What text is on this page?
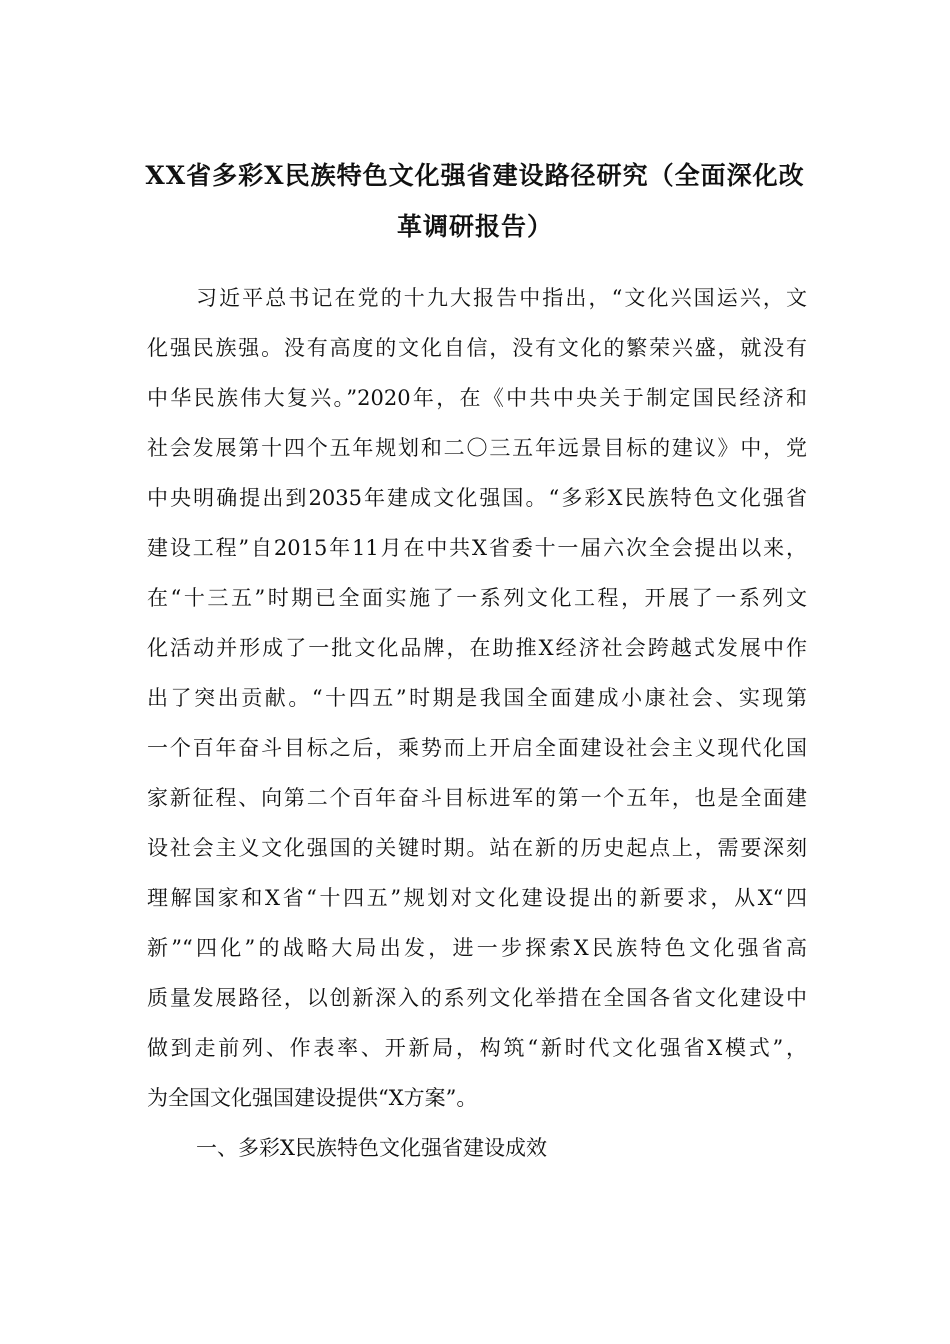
XX省多彩X民族特色文化强省建设路径研究（全面深化改
革调研报告）
习近平总书记在党的十九大报告中指出，“文化兴国运兴，文
化强民族强。没有高度的文化自信，没有文化的繁荣兴盛，就没有
中华民族伟大复兴。”2020年，在《中共中央关于制定国民经济和
社会发展第十四个五年规划和二〇三五年远景目标的建议》中，党
中央明确提出到2035年建成文化强国。“多彩X民族特色文化强省
建设工程”自2015年11月在中共X省委十一届六次全会提出以来，
在“十三五”时期已全面实施了一系列文化工程，开展了一系列文
化活动并形成了一批文化品牌，在助推X经济社会跨越式发展中作
出了突出贡献。“十四五”时期是我国全面建成小康社会、实现第
一个百年奋斗目标之后，乘势而上开启全面建设社会主义现代化国
家新征程、向第二个百年奋斗目标进军的第一个五年，也是全面建
设社会主义文化强国的关键时期。站在新的历史起点上，需要深刻
理解国家和X省“十四五”规划对文化建设提出的新要求，从X“四
新”“四化”的战略大局出发，进一步探索X民族特色文化强省高
质量发展路径，以创新深入的系列文化举措在全国各省文化建设中
做到走前列、作表率、开新局，构筑“新时代文化强省X模式”，
为全国文化强国建设提供“X方案”。
一、多彩X民族特色文化强省建设成效
